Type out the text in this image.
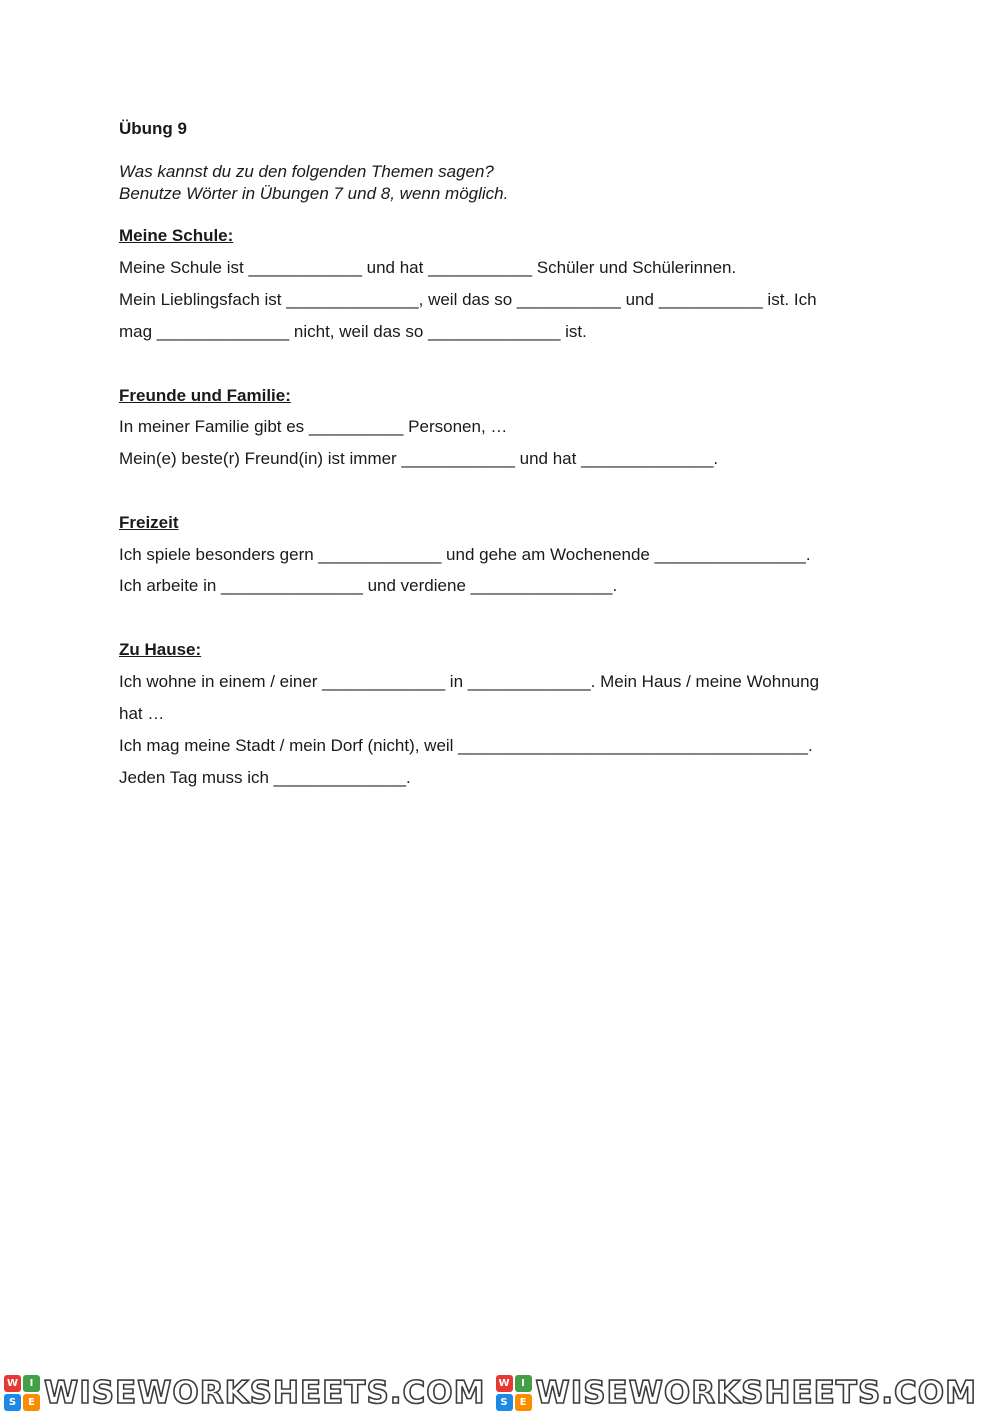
Übung 9
Was kannst du zu den folgenden Themen sagen?
Benutze Wörter in Übungen 7 und 8, wenn möglich.
Meine Schule:
Meine Schule ist ____________ und hat ___________ Schüler und Schülerinnen.
Mein Lieblingsfach ist ______________, weil das so ___________ und ___________ ist. Ich
mag ______________ nicht, weil das so ______________ ist.
Freunde und Familie:
In meiner Familie gibt es __________ Personen, …
Mein(e) beste(r) Freund(in) ist immer ____________ und hat ______________.
Freizeit
Ich spiele besonders gern _____________ und gehe am Wochenende ________________.
Ich arbeite in _______________ und verdiene _______________.
Zu Hause:
Ich wohne in einem / einer _____________ in _____________. Mein Haus / meine Wohnung
hat …
Ich mag meine Stadt / mein Dorf (nicht), weil _____________________________________.
Jeden Tag muss ich ______________.
W	I
S	E WISEWORKSHEETS.COM W	I
S	E WISEWORKSHEETS.COM
